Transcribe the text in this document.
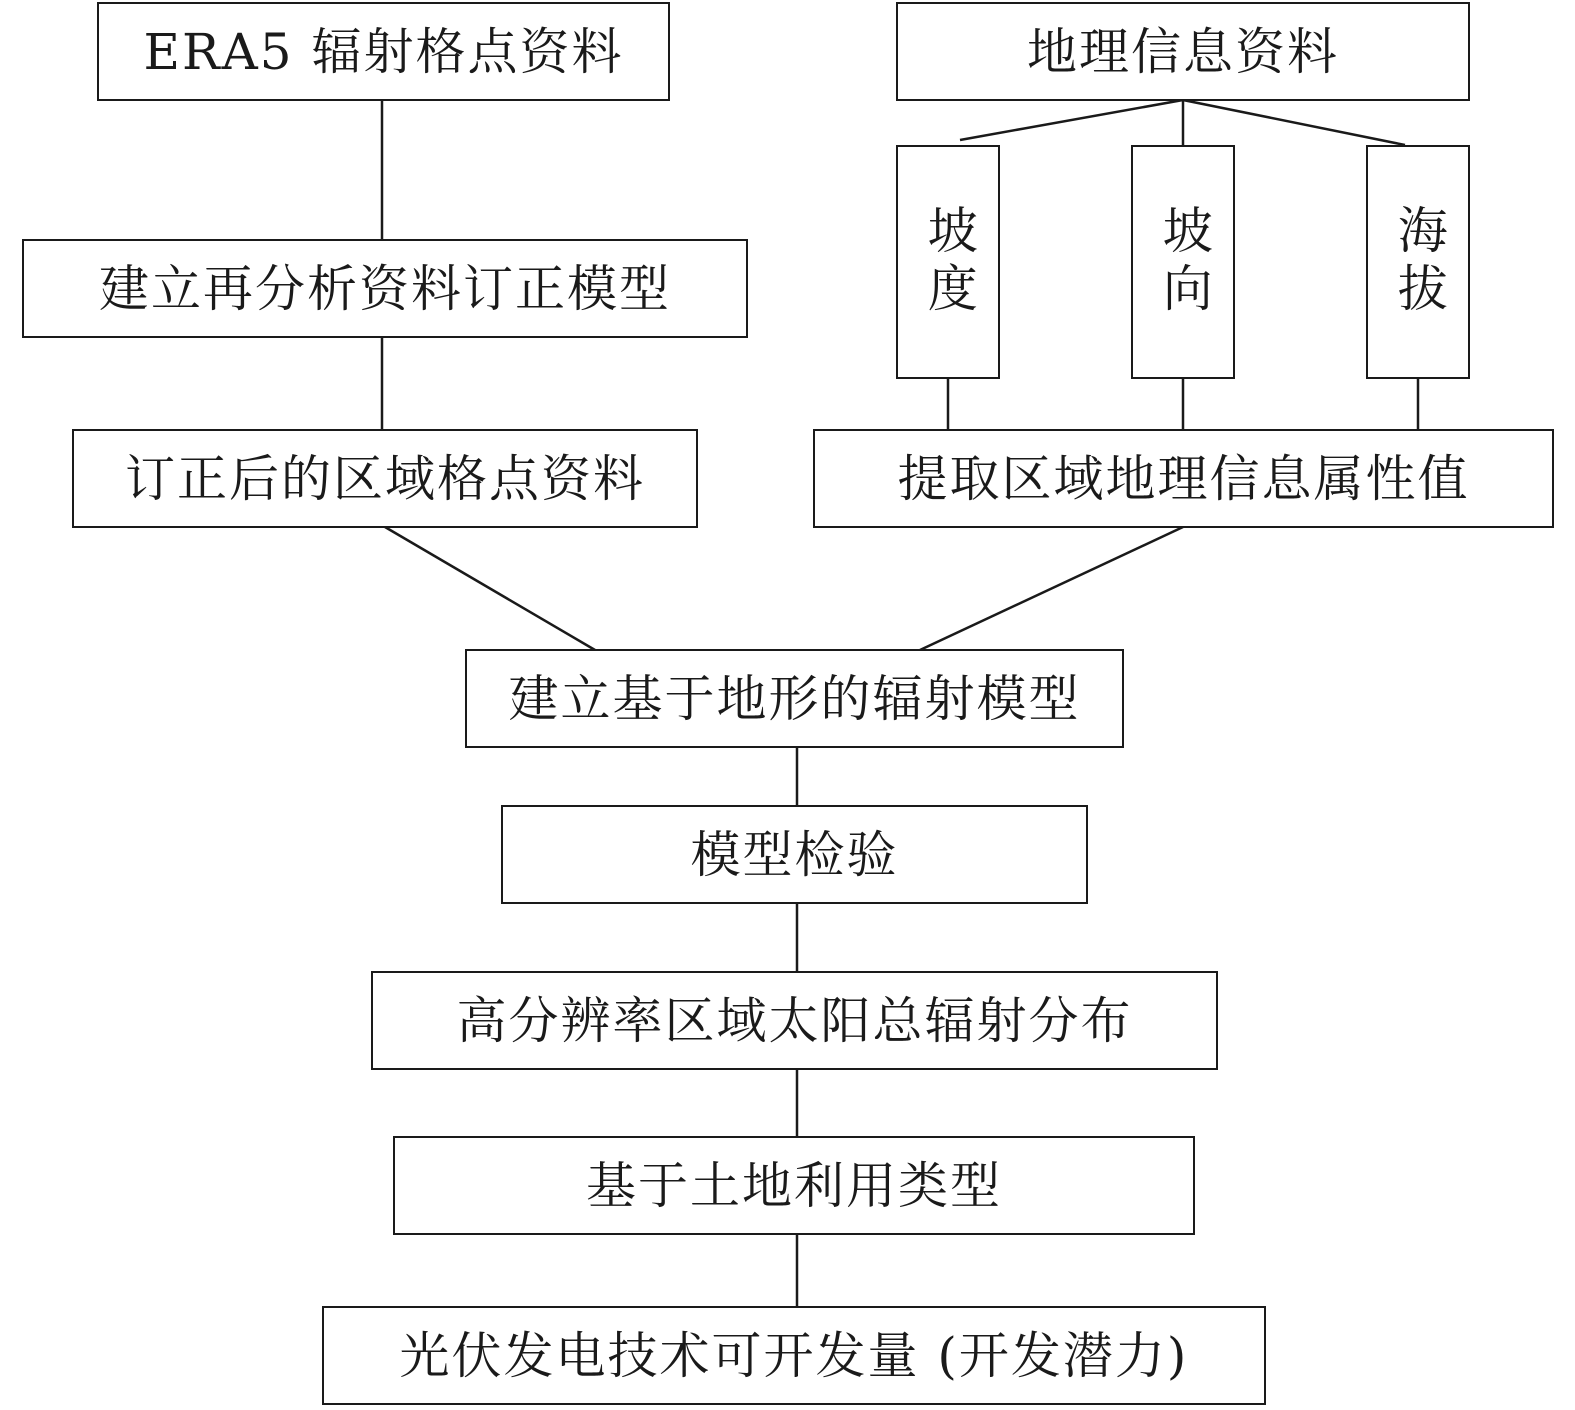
ERA5 辐射格点资料	地理信息资料
坡度	坡向	海拔
建立再分析资料订正模型
订正后的区域格点资料	提取区域地理信息属性值
建立基于地形的辐射模型
模型检验
高分辨率区域太阳总辐射分布
基于土地利用类型
光伏发电技术可开发量 (开发潜力)
